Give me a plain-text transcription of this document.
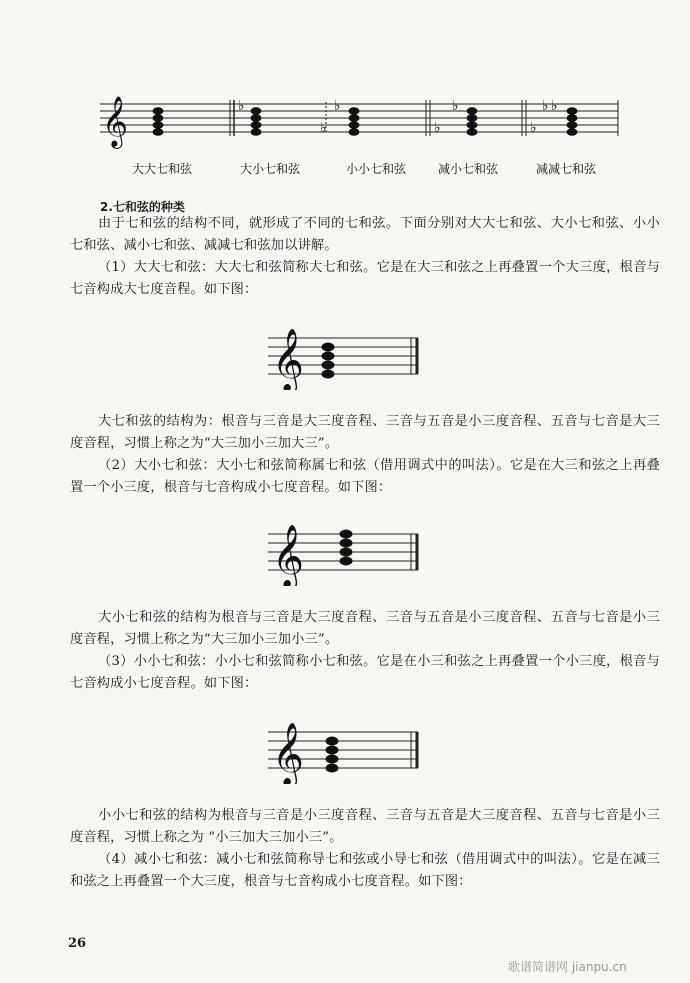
𝄞	♭	♭
♭
♭
♭
♭ ♭
♭
大大七和弦	大小七和弦	小小七和弦	减小七和弦	减减七和弦
2.七和弦的种类
由于七和弦的结构不同，就形成了不同的七和弦。下面分别对大大七和弦、大小七和弦、小小七和弦、减小七和弦、减减七和弦加以讲解。
（1）大大七和弦：大大七和弦简称大七和弦。它是在大三和弦之上再叠置一个大三度，根音与七音构成大七度音程。如下图：
𝄞
大七和弦的结构为：根音与三音是大三度音程、三音与五音是小三度音程、五音与七音是大三度音程，习惯上称之为“大三加小三加大三”。
（2）大小七和弦：大小七和弦简称属七和弦（借用调式中的叫法）。它是在大三和弦之上再叠置一个小三度，根音与七音构成小七度音程。如下图：
𝄞
大小七和弦的结构为根音与三音是大三度音程、三音与五音是小三度音程、五音与七音是小三度音程，习惯上称之为“大三加小三加小三”。
（3）小小七和弦：小小七和弦简称小七和弦。它是在小三和弦之上再叠置一个小三度，根音与七音构成小七度音程。如下图：
𝄞
小小七和弦的结构为根音与三音是小三度音程、三音与五音是大三度音程、五音与七音是小三度音程，习惯上称之为 “小三加大三加小三”。
（4）减小七和弦：减小七和弦简称导七和弦或小导七和弦（借用调式中的叫法）。它是在减三和弦之上再叠置一个大三度，根音与七音构成小七度音程。如下图：
26
歌谱简谱网 jianpu.cn
